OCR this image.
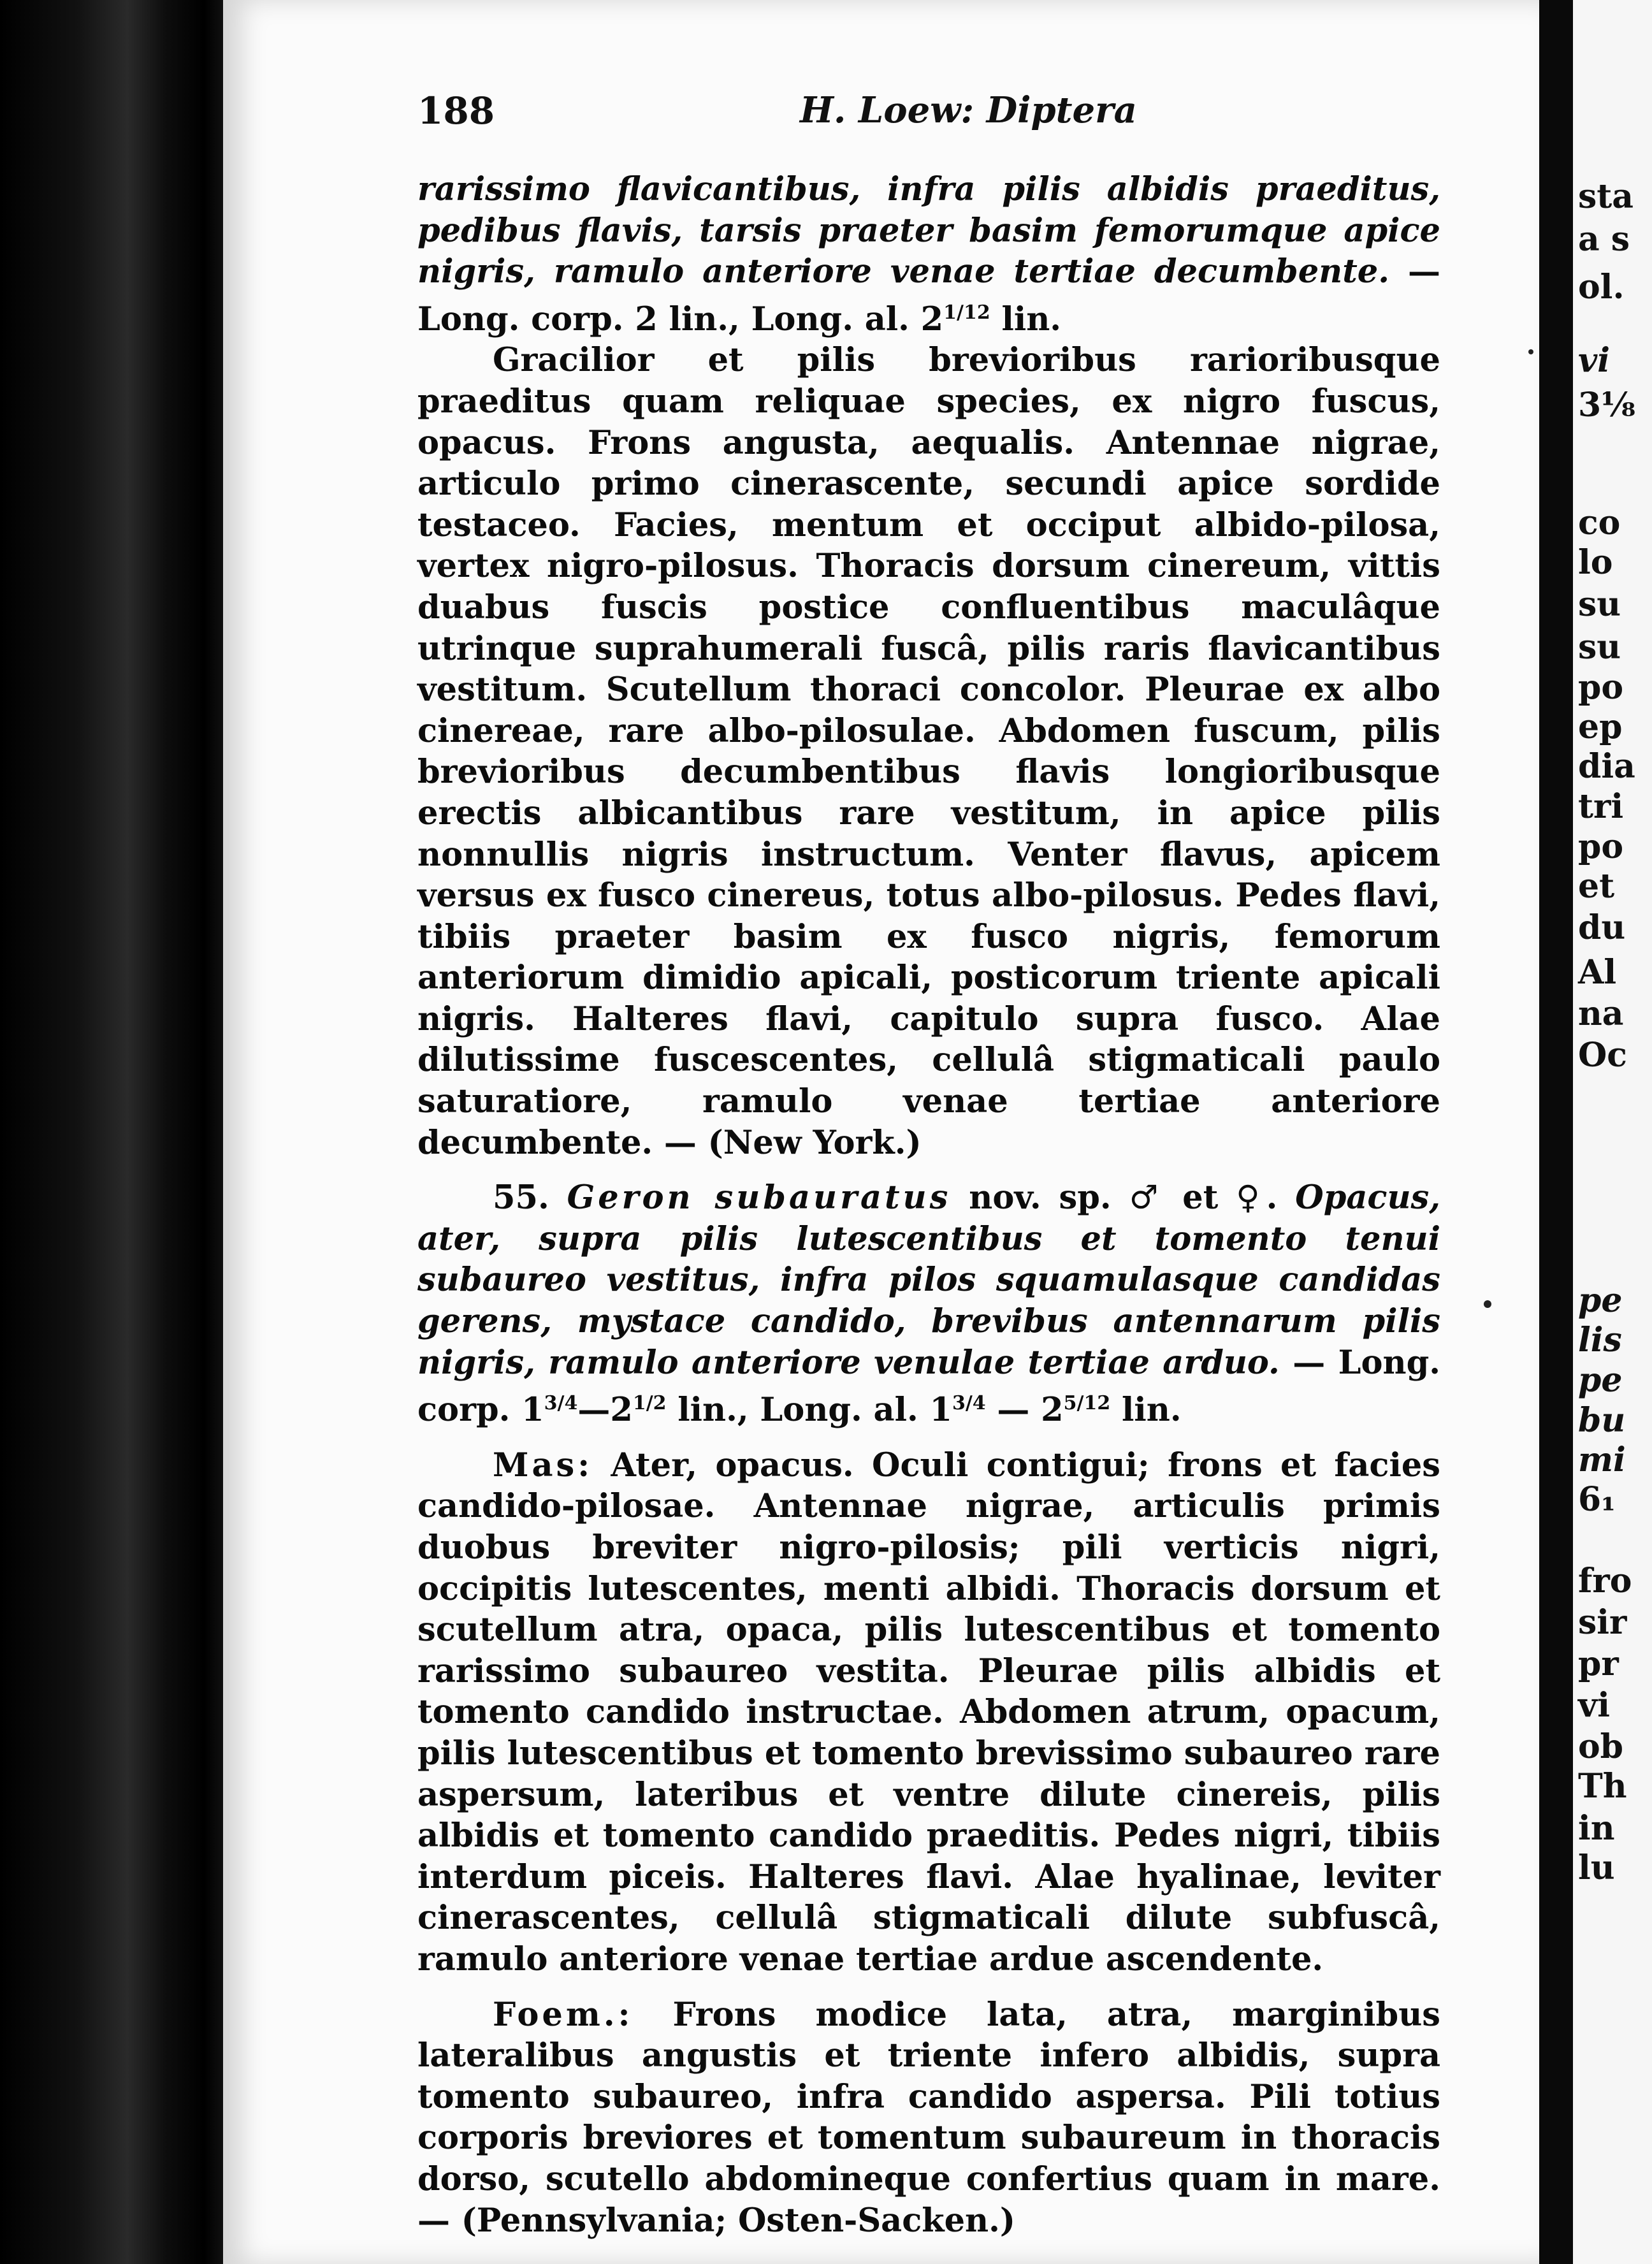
sta
a s
ol.
vi
3⅛
co
lo
su
su
po
ep
dia
tri
po
et
du
Al
na
Oc
pe
lis
pe
bu
mi
6₁
fro
sir
pr
vi
ob
Th
in
lu
188	H. Loew: Diptera

rarissimo flavicantibus, infra pilis albidis praeditus, pedibus flavis, tarsis praeter basim femorumque apice nigris, ramulo anteriore venae tertiae decumbente. — Long. corp. 2 lin., Long. al. $2^{1/12}$ lin.

Gracilior et pilis brevioribus rarioribusque praeditus quam reliquae species, ex nigro fuscus, opacus. Frons angusta, aequalis. Antennae nigrae, articulo primo cinerascente, secundi apice sordide testaceo. Facies, mentum et occiput albido-pilosa, vertex nigro-pilosus. Thoracis dorsum cinereum, vittis duabus fuscis postice confluentibus maculâque utrinque suprahumerali fuscâ, pilis raris flavicantibus vestitum. Scutellum thoraci concolor. Pleurae ex albo cinereae, rare albo-pilosulae. Abdomen fuscum, pilis brevioribus decumbentibus flavis longioribusque erectis albicantibus rare vestitum, in apice pilis nonnullis nigris instructum. Venter flavus, apicem versus ex fusco cinereus, totus albo-pilosus. Pedes flavi, tibiis praeter basim ex fusco nigris, femorum anteriorum dimidio apicali, posticorum triente apicali nigris. Halteres flavi, capitulo supra fusco. Alae dilutissime fuscescentes, cellulâ stigmaticali paulo saturatiore, ramulo venae tertiae anteriore decumbente. — (New York.)

55. Geron subauratus nov. sp. ♂ et ♀. Opacus, ater, supra pilis lutescentibus et tomento tenui subaureo vestitus, infra pilos squamulasque candidas gerens, mystace candido, brevibus antennarum pilis nigris, ramulo anteriore venulae tertiae arduo. — Long. corp. $1^{3/4}—2^{1/2}$ lin., Long. al. $1^{3/4}$ — $2^{5/12}$ lin.

Mas: Ater, opacus. Oculi contigui; frons et facies candido-pilosae. Antennae nigrae, articulis primis duobus breviter nigro-pilosis; pili verticis nigri, occipitis lutescentes, menti albidi. Thoracis dorsum et scutellum atra, opaca, pilis lutescentibus et tomento rarissimo subaureo vestita. Pleurae pilis albidis et tomento candido instructae. Abdomen atrum, opacum, pilis lutescentibus et tomento brevissimo subaureo rare aspersum, lateribus et ventre dilute cinereis, pilis albidis et tomento candido praeditis. Pedes nigri, tibiis interdum piceis. Halteres flavi. Alae hyalinae, leviter cinerascentes, cellulâ stigmaticali dilute subfuscâ, ramulo anteriore venae tertiae ardue ascendente.

Foem.: Frons modice lata, atra, marginibus lateralibus angustis et triente infero albidis, supra tomento subaureo, infra candido aspersa. Pili totius corporis breviores et tomentum subaureum in thoracis dorso, scutello abdomineque confertius quam in mare. — (Pennsylvania; Osten-Sacken.)
